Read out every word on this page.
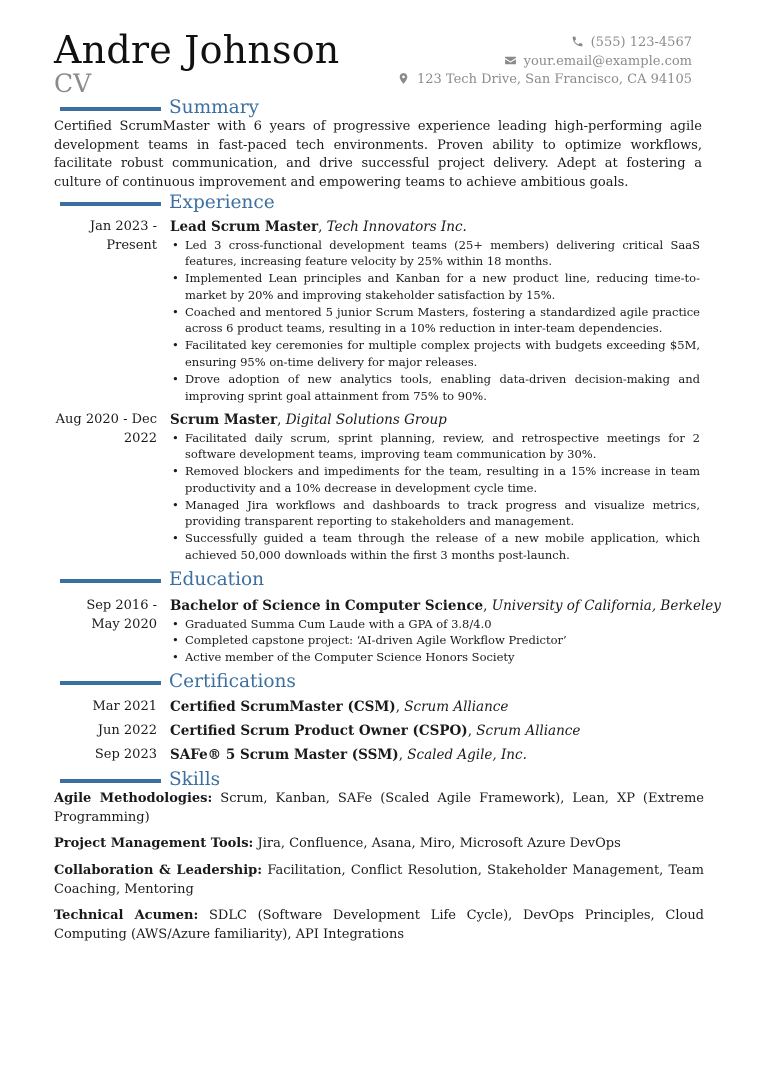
Andre Johnson
CV
(555) 123-4567
your.email@example.com
123 Tech Drive, San Francisco, CA 94105
Summary
Certified ScrumMaster with 6 years of progressive experience leading high-performing agile development teams in fast-paced tech environments. Proven ability to optimize workflows, facilitate robust communication, and drive successful project delivery. Adept at fostering a culture of continuous improvement and empowering teams to achieve ambitious goals.
Experience
Jan 2023 - Present
Lead Scrum Master, Tech Innovators Inc.
• Led 3 cross-functional development teams (25+ members) delivering critical SaaS features, increasing feature velocity by 25% within 18 months.
• Implemented Lean principles and Kanban for a new product line, reducing time-to-market by 20% and improving stakeholder satisfaction by 15%.
• Coached and mentored 5 junior Scrum Masters, fostering a standardized agile practice across 6 product teams, resulting in a 10% reduction in inter-team dependencies.
• Facilitated key ceremonies for multiple complex projects with budgets exceeding $5M, ensuring 95% on-time delivery for major releases.
• Drove adoption of new analytics tools, enabling data-driven decision-making and improving sprint goal attainment from 75% to 90%.
Aug 2020 - Dec 2022
Scrum Master, Digital Solutions Group
• Facilitated daily scrum, sprint planning, review, and retrospective meetings for 2 software development teams, improving team communication by 30%.
• Removed blockers and impediments for the team, resulting in a 15% increase in team productivity and a 10% decrease in development cycle time.
• Managed Jira workflows and dashboards to track progress and visualize metrics, providing transparent reporting to stakeholders and management.
• Successfully guided a team through the release of a new mobile application, which achieved 50,000 downloads within the first 3 months post-launch.
Education
Sep 2016 - May 2020
Bachelor of Science in Computer Science, University of California, Berkeley
• Graduated Summa Cum Laude with a GPA of 3.8/4.0
• Completed capstone project: ‘AI-driven Agile Workflow Predictor’
• Active member of the Computer Science Honors Society
Certifications
Mar 2021 Certified ScrumMaster (CSM), Scrum Alliance
Jun 2022 Certified Scrum Product Owner (CSPO), Scrum Alliance
Sep 2023 SAFe® 5 Scrum Master (SSM), Scaled Agile, Inc.
Skills
Agile Methodologies: Scrum, Kanban, SAFe (Scaled Agile Framework), Lean, XP (Extreme Programming)
Project Management Tools: Jira, Confluence, Asana, Miro, Microsoft Azure DevOps
Collaboration & Leadership: Facilitation, Conflict Resolution, Stakeholder Management, Team Coaching, Mentoring
Technical Acumen: SDLC (Software Development Life Cycle), DevOps Principles, Cloud Computing (AWS/Azure familiarity), API Integrations
